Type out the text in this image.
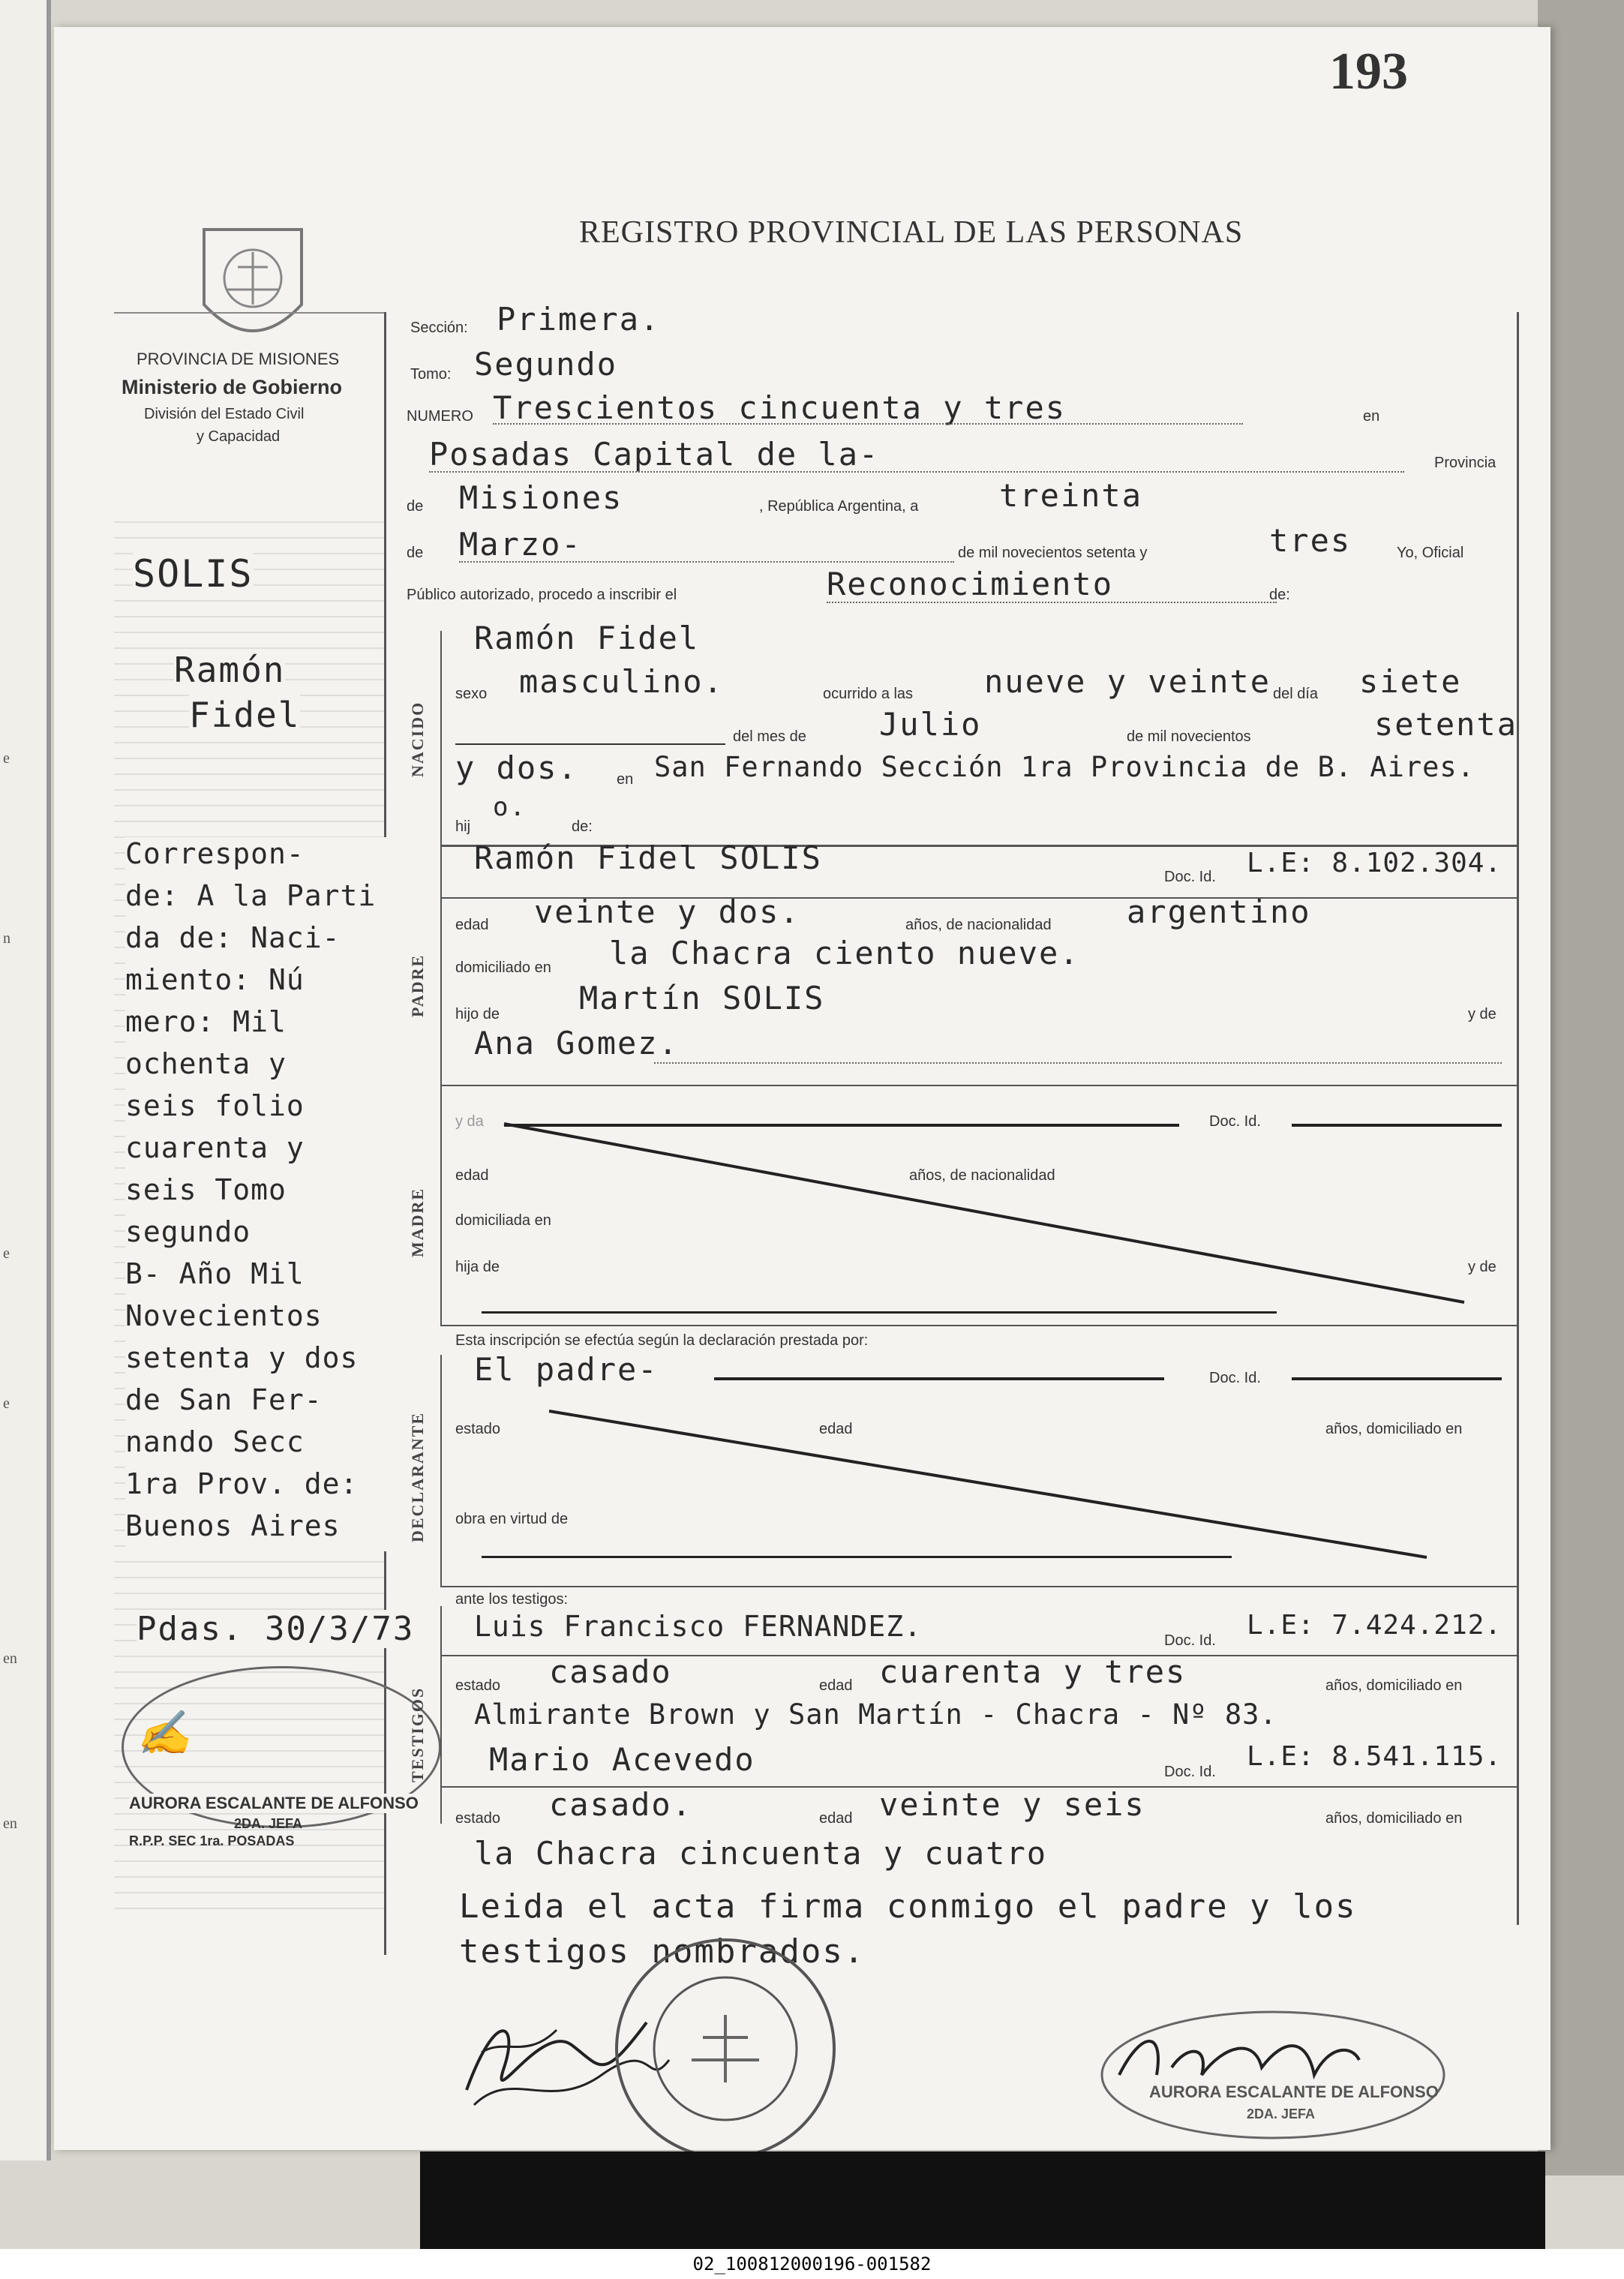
e
n
e
e
en
en
193
REGISTRO PROVINCIAL DE LAS PERSONAS
PROVINCIA DE MISIONES
Ministerio de Gobierno
División del Estado Civil
y Capacidad
SOLIS
Ramón
Fidel
Correspon-
de: A la Parti
da de: Naci-
miento: Nú
mero: Mil
ochenta y
seis folio
cuarenta y
seis Tomo
segundo
B- Año Mil
Novecientos
setenta y dos
de San Fer-
nando Secc
1ra Prov. de:
Buenos Aires
Pdas. 30/3/73
✍
AURORA ESCALANTE DE ALFONSO
2DA. JEFA
R.P.P. SEC 1ra. POSADAS
Sección: Primera.
Tomo: Segundo
NUMERO Trescientos cincuenta y tres	en
Posadas Capital de la-	Provincia
de Misiones	, República Argentina, a	treinta
de Marzo-	de mil novecientos setenta y	tres	Yo, Oficial
Público autorizado, procedo a inscribir el	Reconocimiento	de:
NACIDO
Ramón Fidel
sexo masculino.	ocurrido a las nueve y veinte del día siete
del mes de Julio	de mil novecientos	setenta
y dos.	en San Fernando Sección 1ra Provincia de B. Aires.
hij
o.
de:
PADRE
Ramón Fidel SOLIS
Doc. Id. L.E: 8.102.304.
edad veinte y dos.	años, de nacionalidad argentino
domiciliado en la Chacra ciento nueve.
hijo de	Martín SOLIS	y de
Ana Gomez.
MADRE
y da	Doc. Id.
edad	años, de nacionalidad
domiciliada en
hija de	y de
Esta inscripción se efectúa según la declaración prestada por:
DECLARANTE
El padre-	Doc. Id.
estado	edad	años, domiciliado en
obra en virtud de
ante los testigos:
TESTIGOS
Luis Francisco FERNANDEZ.	Doc. Id. L.E: 7.424.212.
estado casado	edad cuarenta y tres	años, domiciliado en
Almirante Brown y San Martín - Chacra - Nº 83.
Mario Acevedo	Doc. Id. L.E: 8.541.115.
estado casado.	edad veinte y seis	años, domiciliado en
la Chacra cincuenta y cuatro
Leida el acta firma conmigo el padre y los
testigos nombrados.
AURORA ESCALANTE DE ALFONSO
2DA. JEFA
02_100812000196-001582
